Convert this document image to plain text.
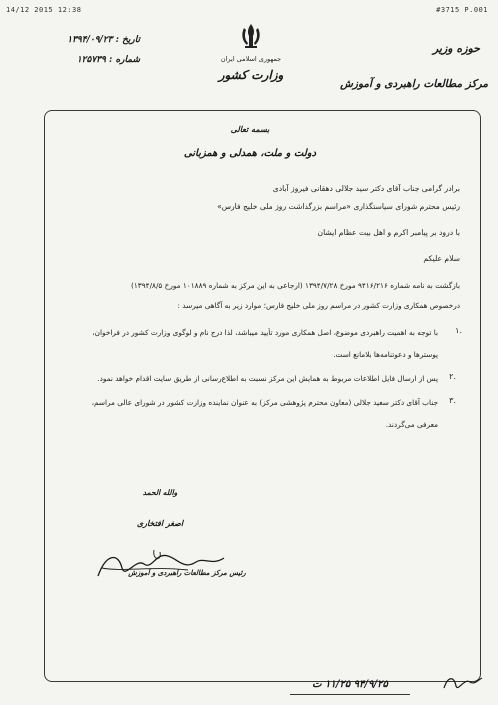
14/12 2015 12:38	#3715 P.001
تاریخ : ۱۳۹۴/۰۹/۲۳
شماره : ۱۲۵۷۳۹	جمهوری اسلامی ایران
وزارت کشور
حوزه وزیر
مرکز مطالعات راهبردی و آموزش
بسمه تعالی
دولت و ملت، همدلی و همزبانی
برادر گرامی جناب آقای دکتر سید جلالی دهقانی فیروز آبادی
رئیس محترم شورای سیاستگذاری «مراسم بزرگداشت روز ملی خلیج فارس»
با درود بر پیامبر اکرم و اهل بیت عظام ایشان
سلام علیکم
بازگشت به نامه شماره ۹۴۱۶/۲۱۶ مورخ ۱۳۹۴/۷/۲۸ (ارجاعی به این مرکز به شماره ۱۰۱۸۸۹ مورخ ۱۳۹۴/۸/۵)
درخصوص همکاری وزارت کشور در مراسم روز ملی خلیج فارس؛ موارد زیر به آگاهی میرسد :
۱.
با توجه به اهمیت راهبردی موضوع، اصل همکاری مورد تأیید میباشد، لذا درج نام و لوگوی وزارت کشور در فراخوان،
پوسترها و دعوتنامه‌ها بلامانع است.
۲.
پس از ارسال فایل اطلاعات مربوط به همایش این مرکز نسبت به اطلاع‌رسانی از طریق سایت اقدام خواهد نمود.
۳.
جناب آقای دکتر سعید جلالی (معاون محترم پژوهشی مرکز) به عنوان نماینده وزارت کشور در شورای عالی مراسم،
معرفی می‌گردند.
والله الحمد
اصغر افتخاری
رئیس مرکز مطالعات راهبردی و آموزش
۹۴/۹/۲۵ ۱۱/۲۵ ت
